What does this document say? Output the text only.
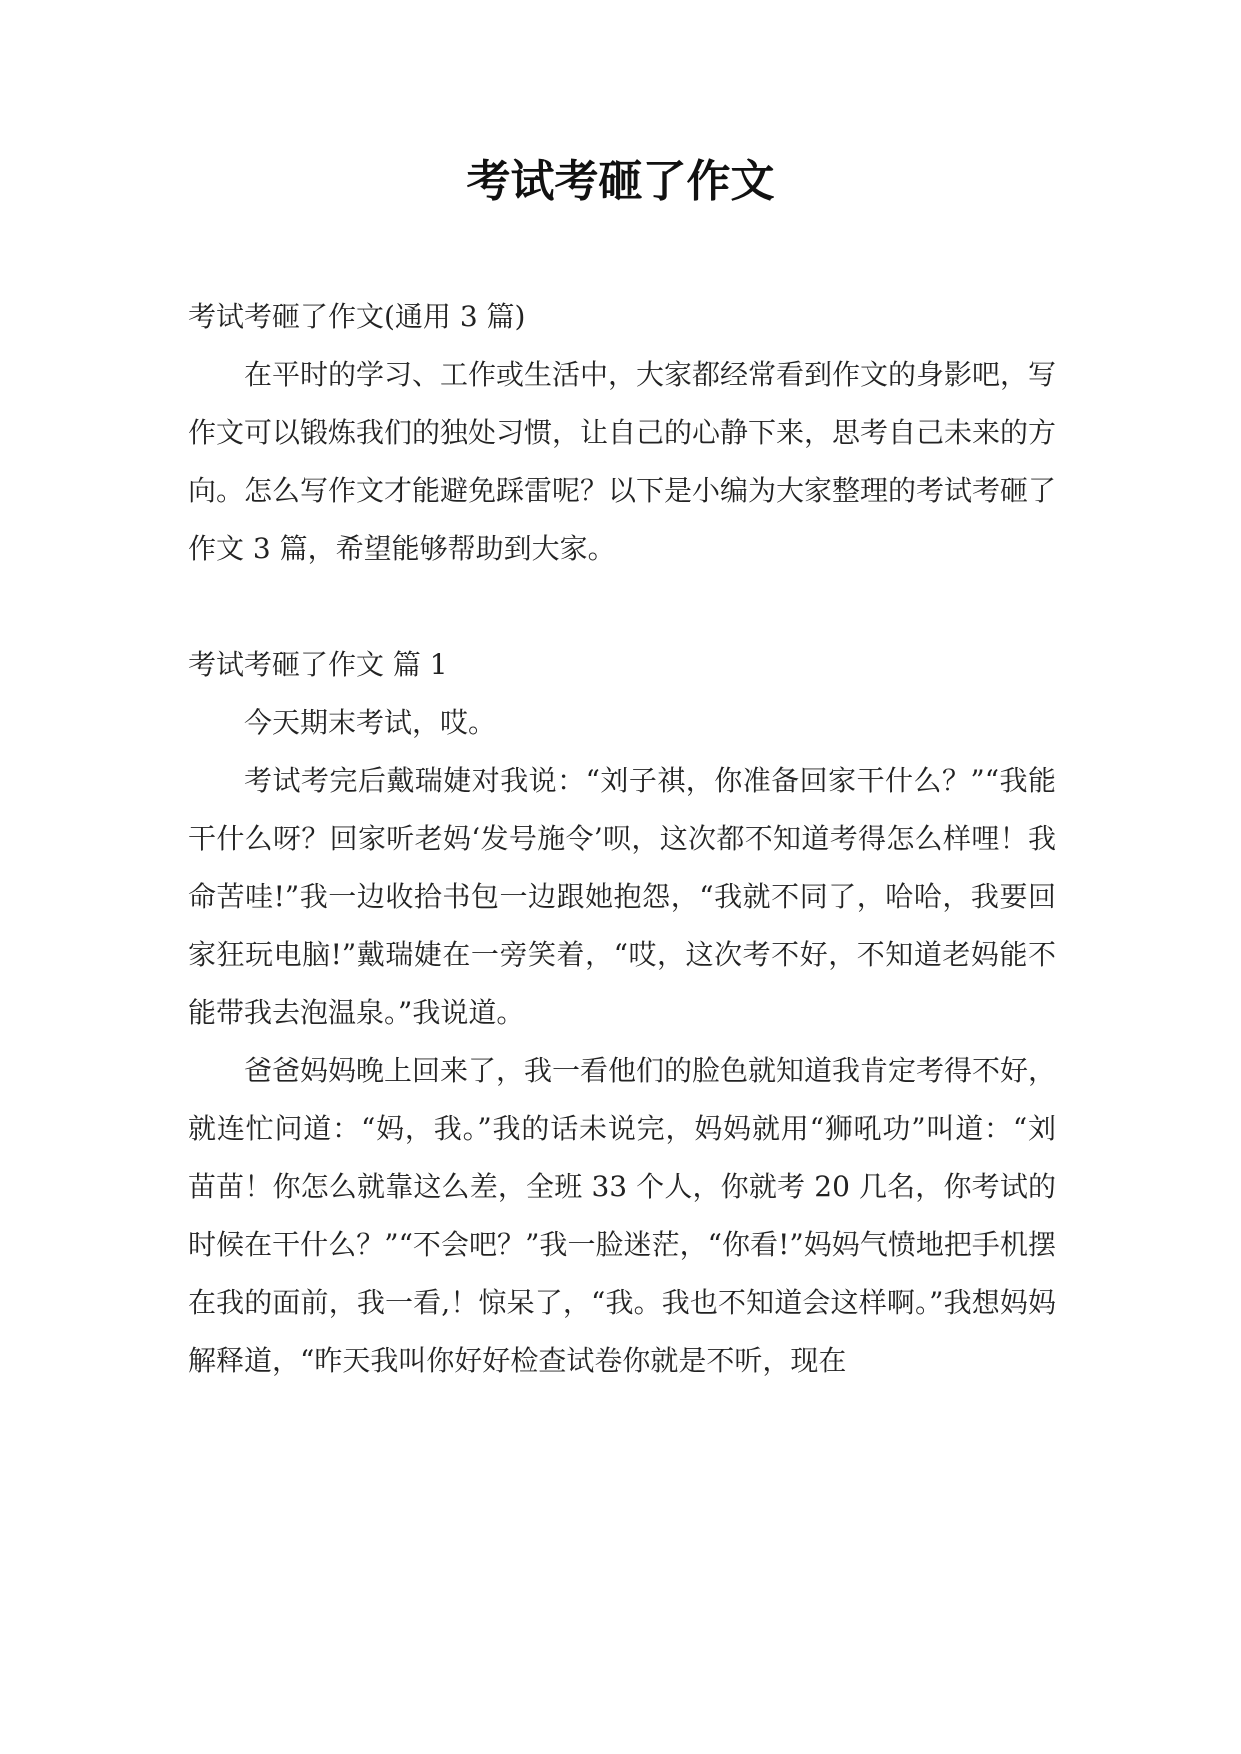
考试考砸了作文

考试考砸了作文(通用 3 篇)

在平时的学习、工作或生活中，大家都经常看到作文的身影吧，写作文可以锻炼我们的独处习惯，让自己的心静下来，思考自己未来的方向。怎么写作文才能避免踩雷呢？以下是小编为大家整理的考试考砸了作文 3 篇，希望能够帮助到大家。

考试考砸了作文 篇 1

今天期末考试，哎。

考试考完后戴瑞婕对我说：“刘子祺，你准备回家干什么？”“我能干什么呀？回家听老妈‘发号施令’呗，这次都不知道考得怎么样哩！我命苦哇!”我一边收拾书包一边跟她抱怨，“我就不同了，哈哈，我要回家狂玩电脑!”戴瑞婕在一旁笑着，“哎，这次考不好，不知道老妈能不能带我去泡温泉。”我说道。

爸爸妈妈晚上回来了，我一看他们的脸色就知道我肯定考得不好，就连忙问道：“妈，我。”我的话未说完，妈妈就用“狮吼功”叫道：“刘苗苗！你怎么就靠这么差，全班 33 个人，你就考 20 几名，你考试的时候在干什么？”“不会吧？”我一脸迷茫，“你看!”妈妈气愤地把手机摆在我的面前，我一看,！惊呆了，“我。我也不知道会这样啊。”我想妈妈解释道，“昨天我叫你好好检查试卷你就是不听，现在
